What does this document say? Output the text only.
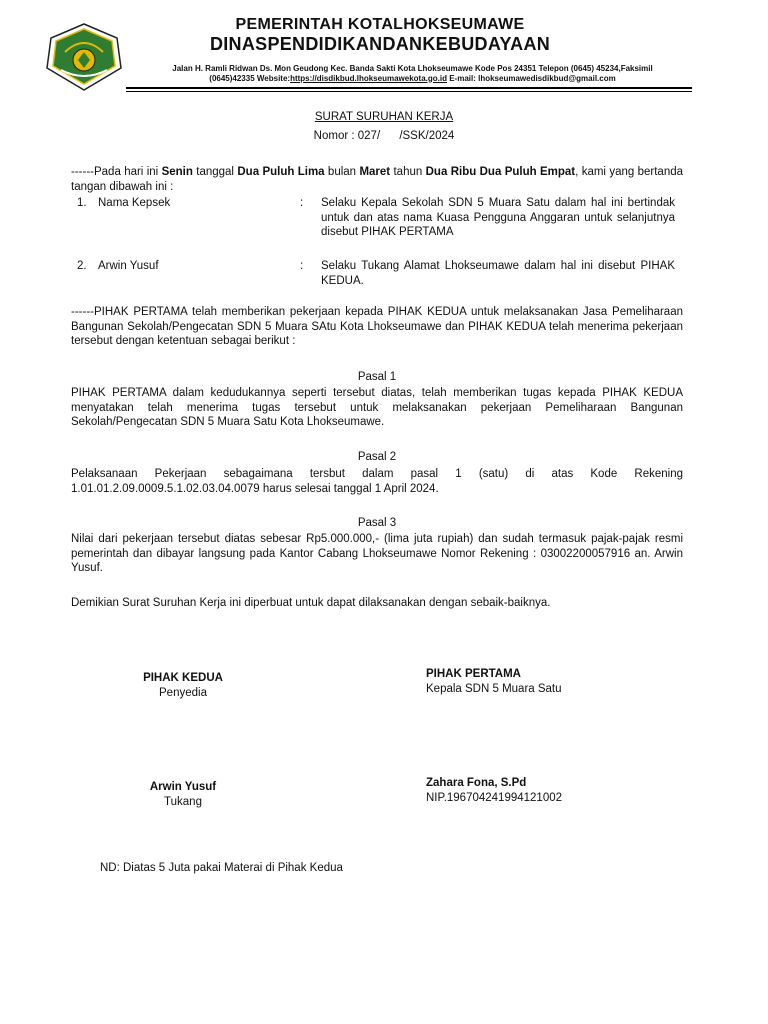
PEMERINTAH KOTALHOKSEUMAWE
DINASPENDIDIKANDANKEBUDAYAAN
Jalan H. Ramli Ridwan Ds. Mon Geudong Kec. Banda Sakti Kota Lhokseumawe Kode Pos 24351 Telepon (0645) 45234,Faksimil
(0645)42335 Website:https://disdikbud.lhokseumawekota.go.id E-mail: lhokseumawedisdikbud@gmail.com
SURAT SURUHAN KERJA
Nomor : 027/      /SSK/2024
------Pada hari ini Senin tanggal Dua Puluh Lima bulan Maret tahun Dua Ribu Dua Puluh Empat, kami yang bertanda tangan dibawah ini :
1. Nama Kepsek	: Selaku Kepala Sekolah SDN 5 Muara Satu dalam hal ini bertindak untuk dan atas nama Kuasa Pengguna Anggaran untuk selanjutnya disebut PIHAK PERTAMA
2. Arwin Yusuf	: Selaku Tukang Alamat Lhokseumawe dalam hal ini disebut PIHAK KEDUA.
------PIHAK PERTAMA telah memberikan pekerjaan kepada PIHAK KEDUA untuk melaksanakan Jasa Pemeliharaan Bangunan Sekolah/Pengecatan SDN 5 Muara SAtu Kota Lhokseumawe dan PIHAK KEDUA telah menerima pekerjaan tersebut dengan ketentuan sebagai berikut :
Pasal 1
PIHAK PERTAMA dalam kedudukannya seperti tersebut diatas, telah memberikan tugas kepada PIHAK KEDUA menyatakan telah menerima tugas tersebut untuk melaksanakan pekerjaan Pemeliharaan Bangunan Sekolah/Pengecatan SDN 5 Muara Satu Kota Lhokseumawe.
Pasal 2
Pelaksanaan Pekerjaan sebagaimana tersbut dalam pasal 1 (satu) di atas Kode Rekening 1.01.01.2.09.0009.5.1.02.03.04.0079 harus selesai tanggal 1 April 2024.
Pasal 3
Nilai dari pekerjaan tersebut diatas sebesar Rp5.000.000,- (lima juta rupiah) dan sudah termasuk pajak-pajak resmi pemerintah dan dibayar langsung pada Kantor Cabang Lhokseumawe Nomor Rekening : 03002200057916 an. Arwin Yusuf.
Demikian Surat Suruhan Kerja ini diperbuat untuk dapat dilaksanakan dengan sebaik-baiknya.
PIHAK KEDUA
Penyedia
Arwin Yusuf
Tukang
PIHAK PERTAMA
Kepala SDN 5 Muara Satu
Zahara Fona, S.Pd
NIP.196704241994121002
ND: Diatas 5 Juta pakai Materai di Pihak Kedua
